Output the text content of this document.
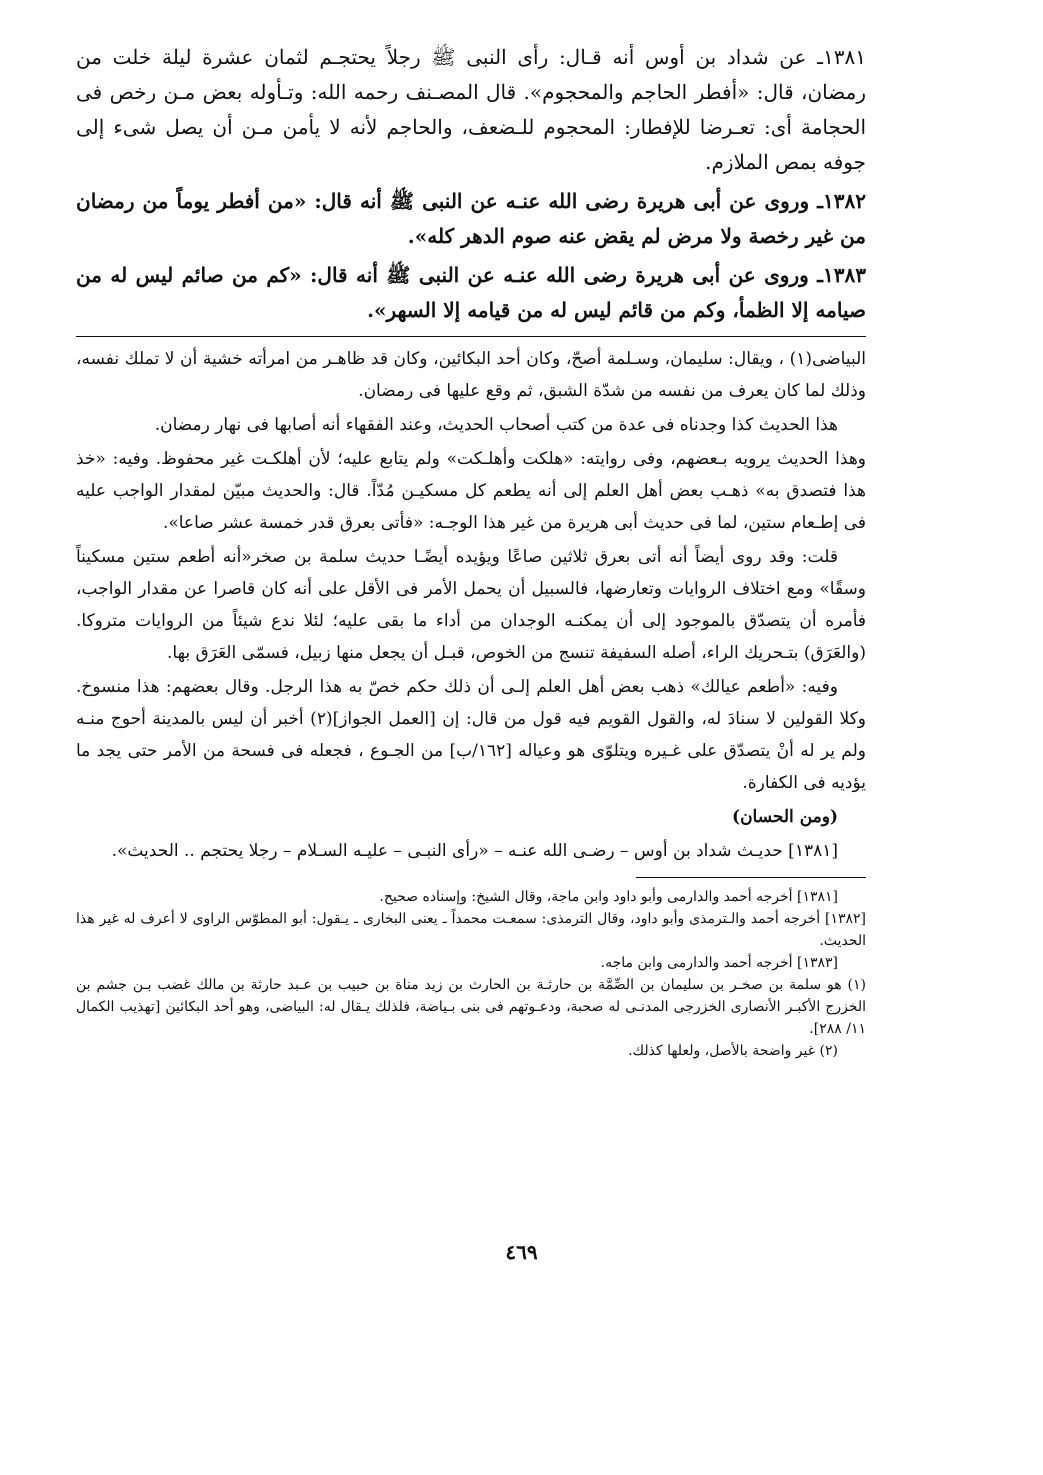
١٣٨١ـ عن شداد بن أوس أنه قـال: رأى النبى ﷺ رجلاً يحتجـم لثمان عشرة ليلة خلت من رمضان، قال: «أفطر الحاجم والمحجوم». قال المصـنف رحمه الله: وتـأوله بعض مـن رخص فى الحجامة أى: تعـرضا للإفطار: المحجوم للـضعف، والحاجم لأنه لا يأمن مـن أن يصل شىء إلى جوفه بمص الملازم.

١٣٨٢ـ وروى عن أبى هريرة رضى الله عنـه عن النبى ﷺ أنه قال: «من أفطر يوماً من رمضان من غير رخصة ولا مرض لم يقض عنه صوم الدهر كله».

١٣٨٣ـ وروى عن أبى هريرة رضى الله عنـه عن النبى ﷺ أنه قال: «كم من صائم ليس له من صيامه إلا الظمأ، وكم من قائم ليس له من قيامه إلا السهر».

البياضى(١) ، ويقال: سليمان، وسـلمة أصحّ، وكان أحد البكائين، وكان قد ظاهـر من امرأته خشية أن لا تملك نفسه، وذلك لما كان يعرف من نفسه من شدّة الشبق، ثم وقع عليها فى رمضان.

هذا الحديث كذا وجدناه فى عدة من كتب أصحاب الحديث، وعند الفقهاء أنه أصابها فى نهار رمضان.

وهذا الحديث يرويه بـعضهم، وفى روايته: «هلكت وأهلـكت» ولم يتابع عليه؛ لأن أهلكـت غير محفوظ. وفيه: «خذ هذا فتصدق به» ذهـب بعض أهل العلم إلى أنه يطعم كل مسكيـن مُدّاً. قال: والحديث مبيّن لمقدار الواجب عليه فى إطـعام ستين، لما فى حديث أبى هريرة من غير هذا الوجـه: «فأتى بعرق قدر خمسة عشر صاعا».

قلت: وقد روى أيضاً أنه أتى بعرق ثلاثين صاعًا ويؤيده أيضًـا حديث سلمة بن صخر«أنه أطعم ستين مسكيناً وسقًا» ومع اختلاف الروايات وتعارضها، فالسبيل أن يحمل الأمر فى الأقل على أنه كان قاصرا عن مقدار الواجب، فأمره أن يتصدّق بالموجود إلى أن يمكنـه الوجدان من أداء ما بقى عليه؛ لئلا ندع شيئاً من الروايات متروكا. (والعَرَق) بتـحريك الراء، أصله السفيفة تنسج من الخوص، قبـل أن يجعل منها زبيل، فسمّى العَرَق بها.

وفيه: «أطعم عيالك» ذهب بعض أهل العلم إلـى أن ذلك حكم خصّ به هذا الرجل. وقال بعضهم: هذا منسوخ. وكلا القولين لا سنادَ له، والقول القويم فيه قول من قال: إن [العمل الجواز](٢) أخبر أن ليس بالمدينة أحوج منـه ولم ير له أنْ يتصدّق على غـيره ويتلوّى هو وعياله [١٦٢/ب] من الجـوع ، فجعله فى فسحة من الأمر حتى يجد ما يؤديه فى الكفارة.

(ومن الحسان)

[١٣٨١] حديـث شداد بن أوس – رضـى الله عنـه – «رأى النبـى – عليـه السـلام – رجلا يحتجم .. الحديث».

[١٣٨١] أخرجه أحمد والدارمى وأبو داود وابن ماجة، وقال الشيخ: وإسناده صحيح.

[١٣٨٢] أخرجه أحمد والـترمذى وأبو داود، وقال الترمذى: سمعـت محمداً ـ يعنى البخارى ـ يـقول: أبو المطوّس الراوى لا أعرف له غير هذا الحديث.

[١٣٨٣] أخرجه أحمد والدارمى وابن ماجه.

(١) هو سلمة بن صخـر بن سليمان بن الصِّمَّة بن حارثـة بن الحارث بن زيد مناة بن حبيب بن عـبد حارثة بن مالك غضب بـن جشم بن الخزرج الأكبـر الأنصارى الخزرجى المدنـى له صحبة، ودعـوتهم فى بنى بـياضة، فلذلك يـقال له: البياضى، وهو أحد البكائين [تهذيب الكمال ١١/ ٢٨٨].

(٢) غير واضحة بالأصل، ولعلها كذلك.

٤٦٩
